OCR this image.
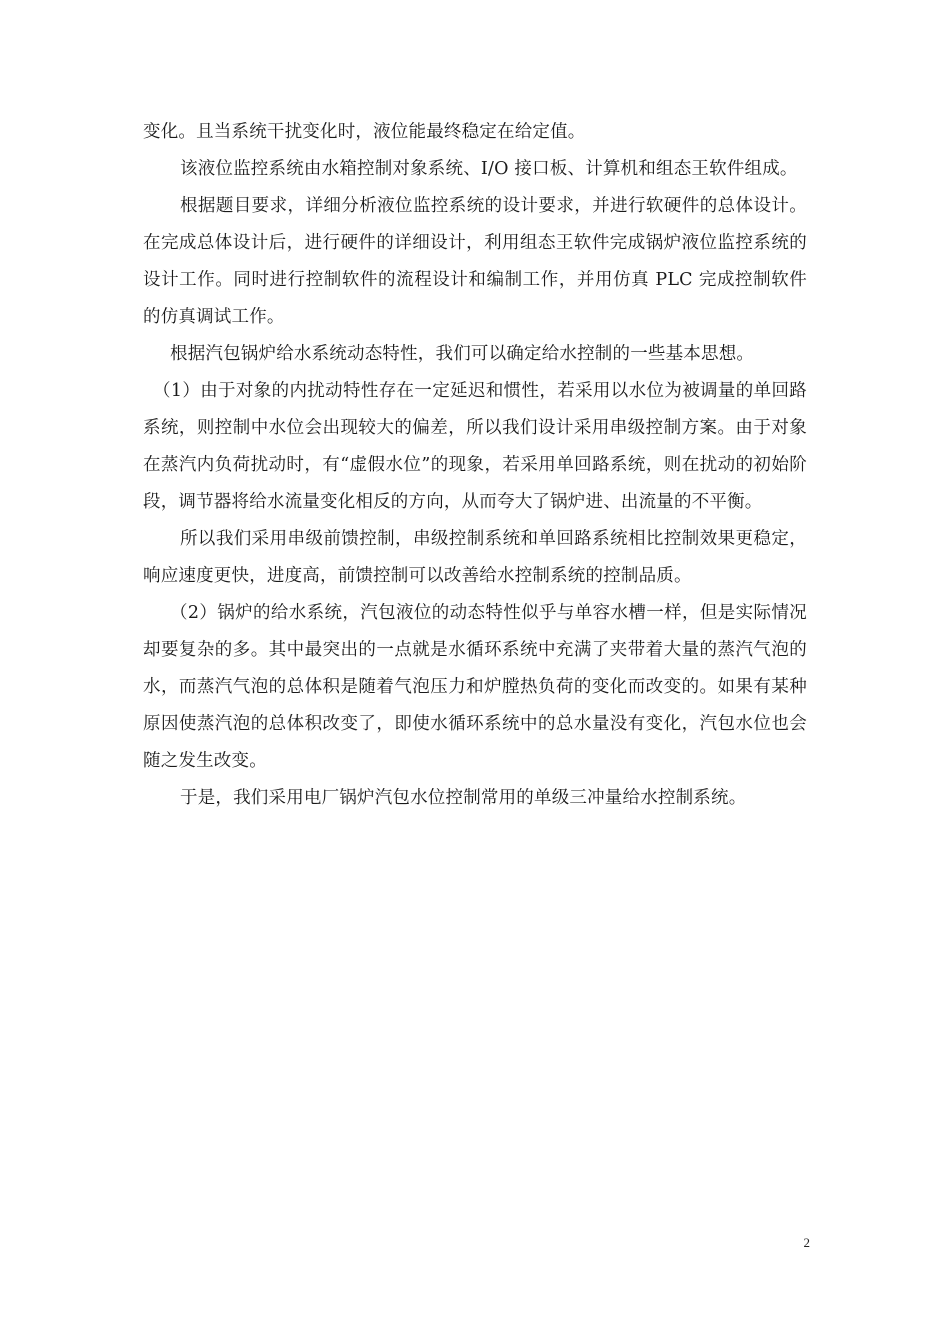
变化。且当系统干扰变化时，液位能最终稳定在给定值。

该液位监控系统由水箱控制对象系统、I/O 接口板、计算机和组态王软件组成。

根据题目要求，详细分析液位监控系统的设计要求，并进行软硬件的总体设计。在完成总体设计后，进行硬件的详细设计，利用组态王软件完成锅炉液位监控系统的设计工作。同时进行控制软件的流程设计和编制工作，并用仿真 PLC 完成控制软件的仿真调试工作。

根据汽包锅炉给水系统动态特性，我们可以确定给水控制的一些基本思想。

（1）由于对象的内扰动特性存在一定延迟和惯性，若采用以水位为被调量的单回路系统，则控制中水位会出现较大的偏差，所以我们设计采用串级控制方案。由于对象在蒸汽内负荷扰动时，有“虚假水位”的现象，若采用单回路系统，则在扰动的初始阶段，调节器将给水流量变化相反的方向，从而夸大了锅炉进、出流量的不平衡。

所以我们采用串级前馈控制，串级控制系统和单回路系统相比控制效果更稳定，响应速度更快，进度高，前馈控制可以改善给水控制系统的控制品质。

（2）锅炉的给水系统，汽包液位的动态特性似乎与单容水槽一样，但是实际情况却要复杂的多。其中最突出的一点就是水循环系统中充满了夹带着大量的蒸汽气泡的水，而蒸汽气泡的总体积是随着气泡压力和炉膛热负荷的变化而改变的。如果有某种原因使蒸汽泡的总体积改变了，即使水循环系统中的总水量没有变化，汽包水位也会随之发生改变。

于是，我们采用电厂锅炉汽包水位控制常用的单级三冲量给水控制系统。

2
